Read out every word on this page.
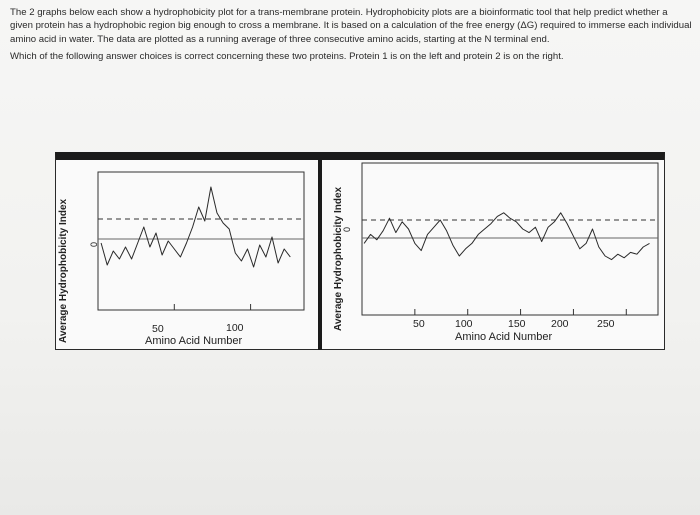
The 2 graphs below each show a hydrophobicity plot for a trans-membrane protein. Hydrophobicity plots are a bioinformatic tool that help predict whether a given protein has a hydrophobic region big enough to cross a membrane. It is based on a calculation of the free energy (ΔG) required to immerse each individual amino acid in water. The data are plotted as a running average of three consecutive amino acids, starting at the N terminal end.

Which of the following answer choices is correct concerning these two proteins. Protein 1 is on the left and protein 2 is on the right.

Average Hydrophobicity Index 0
50	100
Amino Acid Number
Average Hydrophobicity Index
0
50	100	150 200	250
Amino Acid Number
